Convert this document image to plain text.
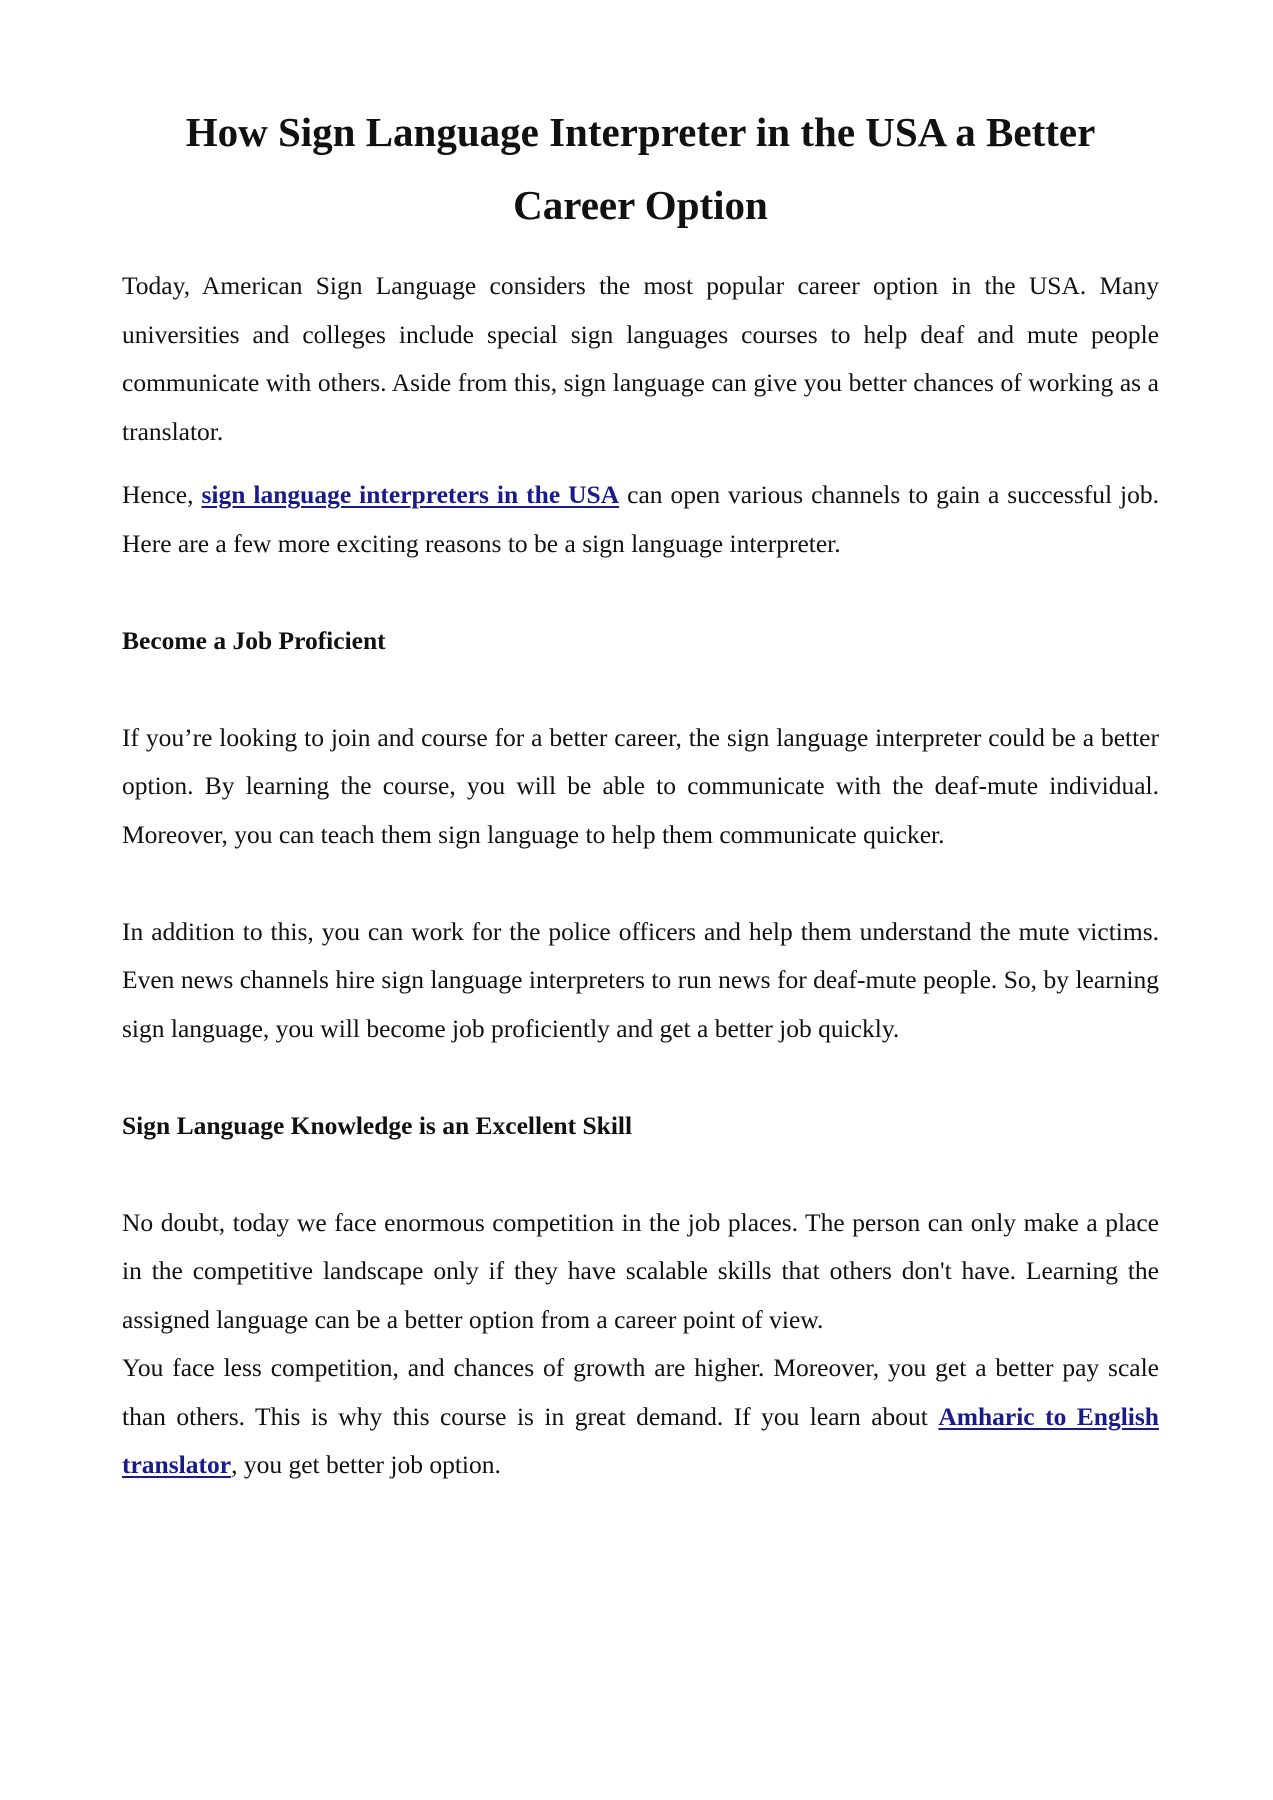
How Sign Language Interpreter in the USA a Better
Career Option

Today, American Sign Language considers the most popular career option in the USA. Many universities and colleges include special sign languages courses to help deaf and mute people communicate with others. Aside from this, sign language can give you better chances of working as a translator.

Hence, sign language interpreters in the USA can open various channels to gain a successful job. Here are a few more exciting reasons to be a sign language interpreter.

Become a Job Proficient

If you’re looking to join and course for a better career, the sign language interpreter could be a better option. By learning the course, you will be able to communicate with the deaf-mute individual. Moreover, you can teach them sign language to help them communicate quicker.

In addition to this, you can work for the police officers and help them understand the mute victims. Even news channels hire sign language interpreters to run news for deaf-mute people. So, by learning sign language, you will become job proficiently and get a better job quickly.

Sign Language Knowledge is an Excellent Skill

No doubt, today we face enormous competition in the job places. The person can only make a place in the competitive landscape only if they have scalable skills that others don't have. Learning the assigned language can be a better option from a career point of view.

You face less competition, and chances of growth are higher. Moreover, you get a better pay scale than others. This is why this course is in great demand. If you learn about Amharic to English translator, you get better job option.
